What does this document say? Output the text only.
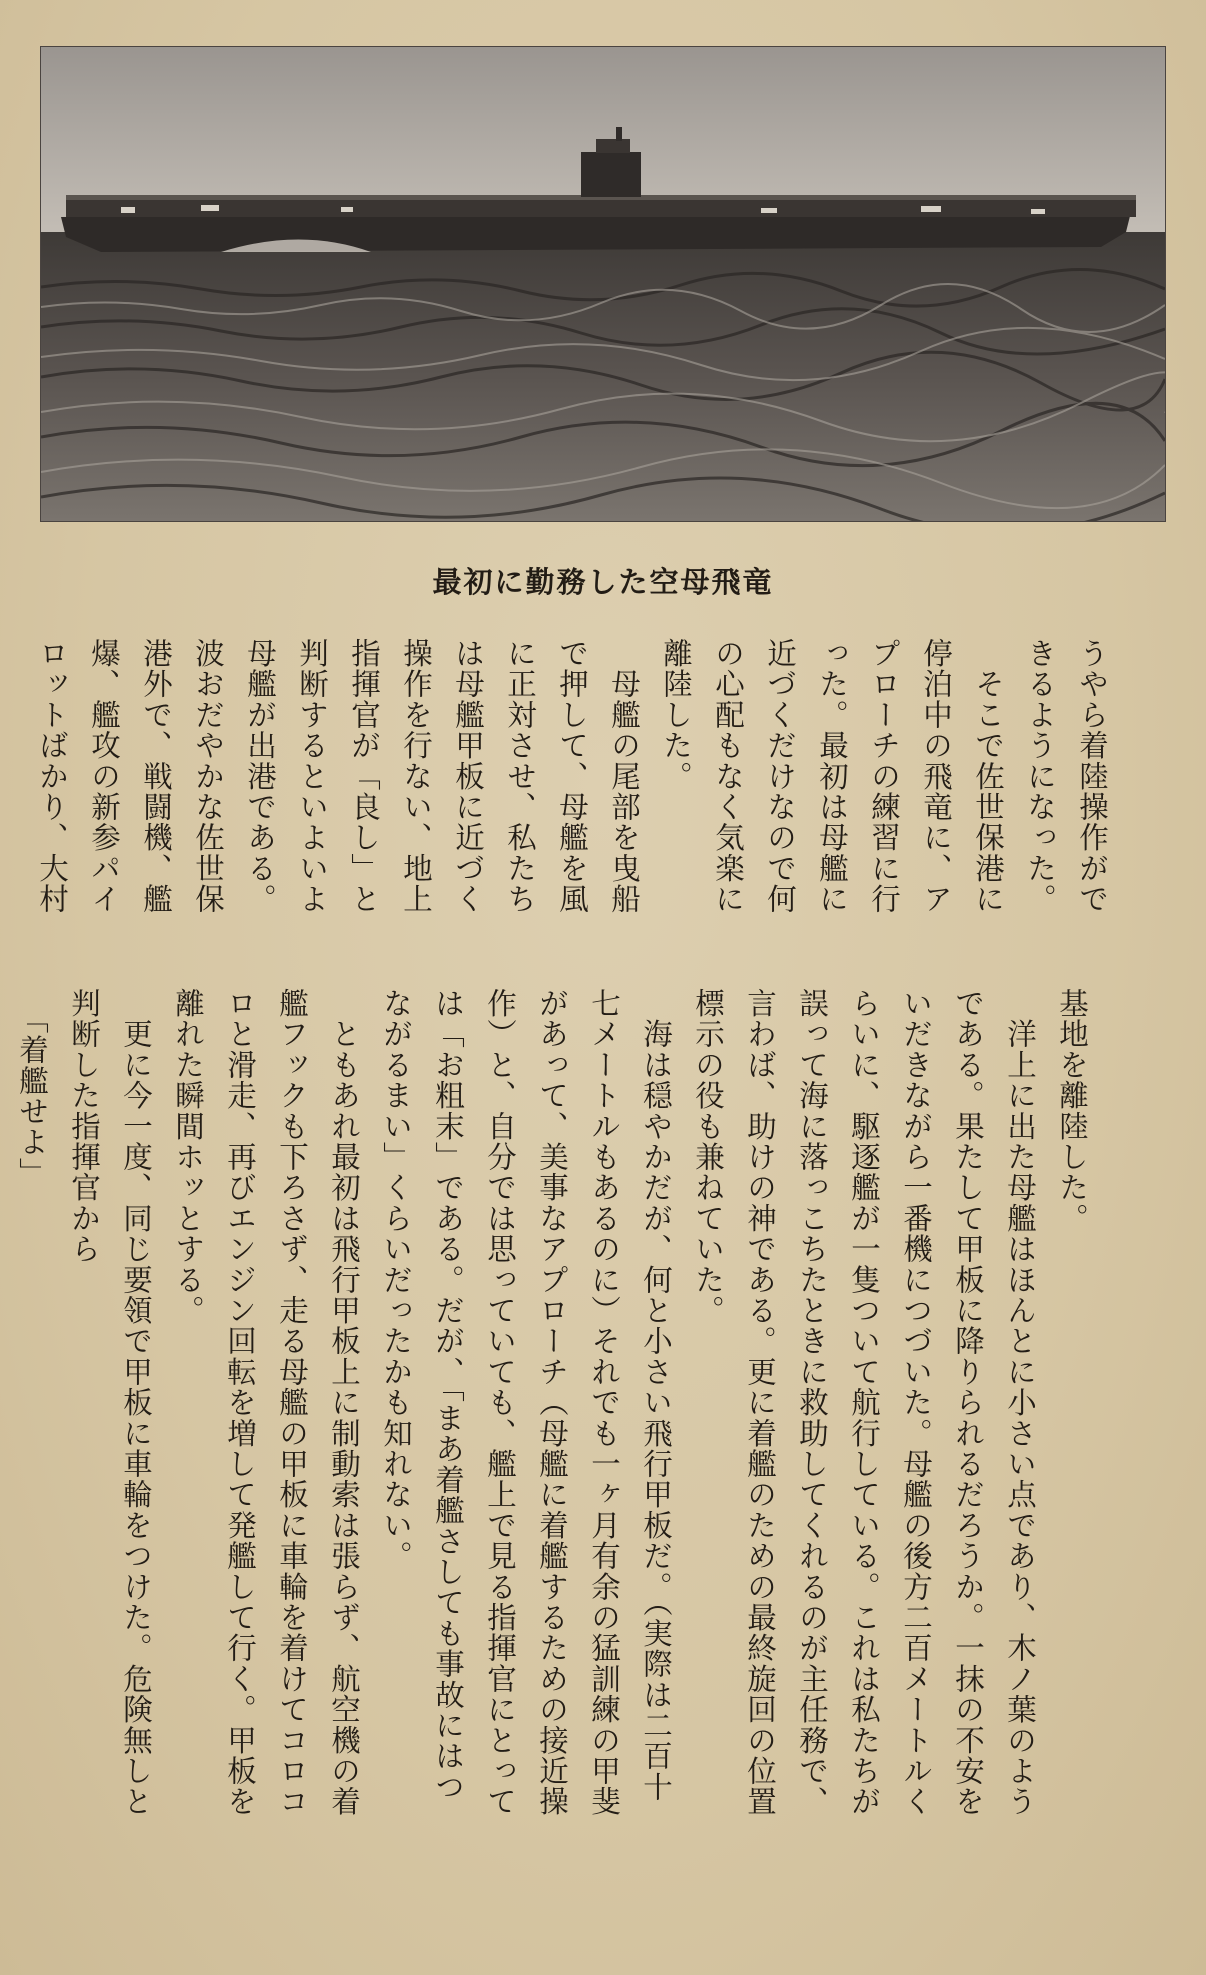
最初に勤務した空母飛竜
うやら着陸操作がで
きるようになった。
　そこで佐世保港に
停泊中の飛竜に、ア
プローチの練習に行
った。最初は母艦に
近づくだけなので何
の心配もなく気楽に
離陸した。
　母艦の尾部を曳船
で押して、母艦を風
に正対させ、私たち
は母艦甲板に近づく
操作を行ない、地上
指揮官が「良し」と
判断するといよいよ
母艦が出港である。
波おだやかな佐世保
港外で、戦闘機、艦
爆、艦攻の新参パイ
ロットばかり、大村
基地を離陸した。
　洋上に出た母艦はほんとに小さい点であり、木ノ葉のよう
である。果たして甲板に降りられるだろうか。一抹の不安を
いだきながら一番機につづいた。母艦の後方二百メートルく
らいに、駆逐艦が一隻ついて航行している。これは私たちが
誤って海に落っこちたときに救助してくれるのが主任務で、
言わば、助けの神である。更に着艦のための最終旋回の位置
標示の役も兼ねていた。
　海は穏やかだが、何と小さい飛行甲板だ。（実際は二百十
七メートルもあるのに）それでも一ヶ月有余の猛訓練の甲斐
があって、美事なアプローチ（母艦に着艦するための接近操
作）と、自分では思っていても、艦上で見る指揮官にとって
は「お粗末」である。だが、「まあ着艦さしても事故にはつ
ながるまい」くらいだったかも知れない。
　ともあれ最初は飛行甲板上に制動索は張らず、航空機の着
艦フックも下ろさず、走る母艦の甲板に車輪を着けてコロコ
ロと滑走、再びエンジン回転を増して発艦して行く。甲板を
離れた瞬間ホッとする。
　更に今一度、同じ要領で甲板に車輪をつけた。危険無しと
判断した指揮官から
　「着艦せよ」
